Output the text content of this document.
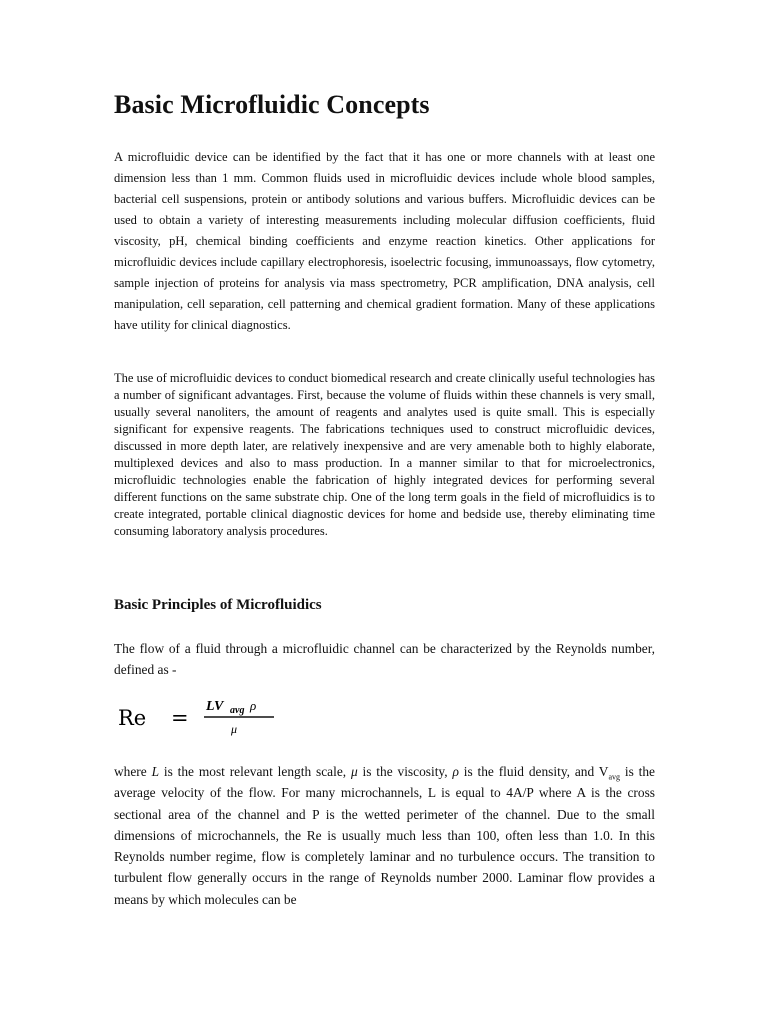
Basic Microfluidic Concepts

A microfluidic device can be identified by the fact that it has one or more channels with at least one dimension less than 1 mm. Common fluids used in microfluidic devices include whole blood samples, bacterial cell suspensions, protein or antibody solutions and various buffers. Microfluidic devices can be used to obtain a variety of interesting measurements including molecular diffusion coefficients, fluid viscosity, pH, chemical binding coefficients and enzyme reaction kinetics. Other applications for microfluidic devices include capillary electrophoresis, isoelectric focusing, immunoassays, flow cytometry, sample injection of proteins for analysis via mass spectrometry, PCR amplification, DNA analysis, cell manipulation, cell separation, cell patterning and chemical gradient formation. Many of these applications have utility for clinical diagnostics.

The use of microfluidic devices to conduct biomedical research and create clinically useful technologies has a number of significant advantages. First, because the volume of fluids within these channels is very small, usually several nanoliters, the amount of reagents and analytes used is quite small. This is especially significant for expensive reagents. The fabrications techniques used to construct microfluidic devices, discussed in more depth later, are relatively inexpensive and are very amenable both to highly elaborate, multiplexed devices and also to mass production. In a manner similar to that for microelectronics, microfluidic technologies enable the fabrication of highly integrated devices for performing several different functions on the same substrate chip. One of the long term goals in the field of microfluidics is to create integrated, portable clinical diagnostic devices for home and bedside use, thereby eliminating time consuming laboratory analysis procedures.

Basic Principles of Microfluidics

The flow of a fluid through a microfluidic channel can be characterized by the Reynolds number, defined as -

Re = LV avg ρ
μ

where L is the most relevant length scale, μ is the viscosity, ρ is the fluid density, and $V_{avg}$ is the average velocity of the flow. For many microchannels, L is equal to 4A/P where A is the cross sectional area of the channel and P is the wetted perimeter of the channel. Due to the small dimensions of microchannels, the Re is usually much less than 100, often less than 1.0. In this Reynolds number regime, flow is completely laminar and no turbulence occurs. The transition to turbulent flow generally occurs in the range of Reynolds number 2000. Laminar flow provides a means by which molecules can be
